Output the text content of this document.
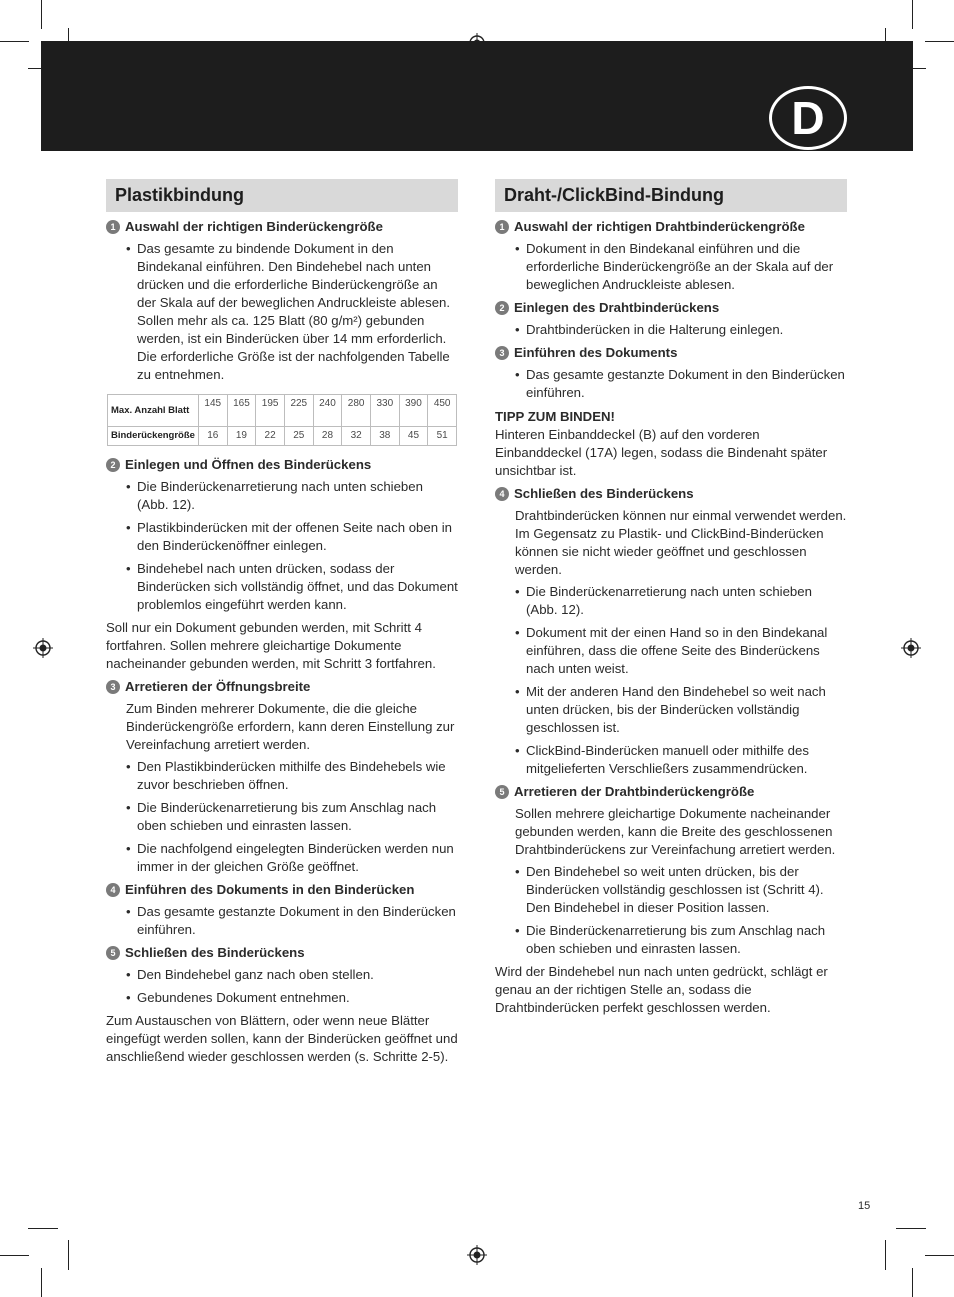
D
Plastikbindung
1 Auswahl der richtigen Binderückengröße
• Das gesamte zu bindende Dokument in den Bindekanal einführen. Den Bindehebel nach unten drücken und die erforderliche Binderückengröße an der Skala auf der beweglichen Andruckleiste ablesen. Sollen mehr als ca. 125 Blatt (80 g/m²) gebunden werden, ist ein Binderücken über 14 mm erforderlich. Die erforderliche Größe ist der nachfolgenden Tabelle zu entnehmen.
Max. Anzahl Blatt	145	165	195	225	240	280	330	390	450
Binderückengröße	16	19	22	25	28	32	38	45	51
2 Einlegen und Öffnen des Binderückens
• Die Binderückenarretierung nach unten schieben (Abb. 12).
• Plastikbinderücken mit der offenen Seite nach oben in den Binderückenöffner einlegen.
• Bindehebel nach unten drücken, sodass der Binderücken sich vollständig öffnet, und das Dokument problemlos eingeführt werden kann.
Soll nur ein Dokument gebunden werden, mit Schritt 4 fortfahren. Sollen mehrere gleichartige Dokumente nacheinander gebunden werden, mit Schritt 3 fortfahren.
3 Arretieren der Öffnungsbreite
Zum Binden mehrerer Dokumente, die die gleiche Binderückengröße erfordern, kann deren Einstellung zur Vereinfachung arretiert werden.
• Den Plastikbinderücken mithilfe des Bindehebels wie zuvor beschrieben öffnen.
• Die Binderückenarretierung bis zum Anschlag nach oben schieben und einrasten lassen.
• Die nachfolgend eingelegten Binderücken werden nun immer in der gleichen Größe geöffnet.
4 Einführen des Dokuments in den Binderücken
• Das gesamte gestanzte Dokument in den Binderücken einführen.
5 Schließen des Binderückens
• Den Bindehebel ganz nach oben stellen.
• Gebundenes Dokument entnehmen.
Zum Austauschen von Blättern, oder wenn neue Blätter eingefügt werden sollen, kann der Binderücken geöffnet und anschließend wieder geschlossen werden (s. Schritte 2-5).
Draht-/ClickBind-Bindung
1 Auswahl der richtigen Drahtbinderückengröße
• Dokument in den Bindekanal einführen und die erforderliche Binderückengröße an der Skala auf der beweglichen Andruckleiste ablesen.
2 Einlegen des Drahtbinderückens
• Drahtbinderücken in die Halterung einlegen.
3 Einführen des Dokuments
• Das gesamte gestanzte Dokument in den Binderücken einführen.
TIPP ZUM BINDEN!
Hinteren Einbanddeckel (B) auf den vorderen Einbanddeckel (17A) legen, sodass die Bindenaht später unsichtbar ist.
4 Schließen des Binderückens
Drahtbinderücken können nur einmal verwendet werden. Im Gegensatz zu Plastik- und ClickBind-Binderücken können sie nicht wieder geöffnet und geschlossen werden.
• Die Binderückenarretierung nach unten schieben (Abb. 12).
• Dokument mit der einen Hand so in den Bindekanal einführen, dass die offene Seite des Binderückens nach unten weist.
• Mit der anderen Hand den Bindehebel so weit nach unten drücken, bis der Binderücken vollständig geschlossen ist.
• ClickBind-Binderücken manuell oder mithilfe des mitgelieferten Verschließers zusammendrücken.
5 Arretieren der Drahtbinderückengröße
Sollen mehrere gleichartige Dokumente nacheinander gebunden werden, kann die Breite des geschlossenen Drahtbinderückens zur Vereinfachung arretiert werden.
• Den Bindehebel so weit unten drücken, bis der Binderücken vollständig geschlossen ist (Schritt 4). Den Bindehebel in dieser Position lassen.
• Die Binderückenarretierung bis zum Anschlag nach oben schieben und einrasten lassen.
Wird der Bindehebel nun nach unten gedrückt, schlägt er genau an der richtigen Stelle an, sodass die Drahtbinderücken perfekt geschlossen werden.
15
